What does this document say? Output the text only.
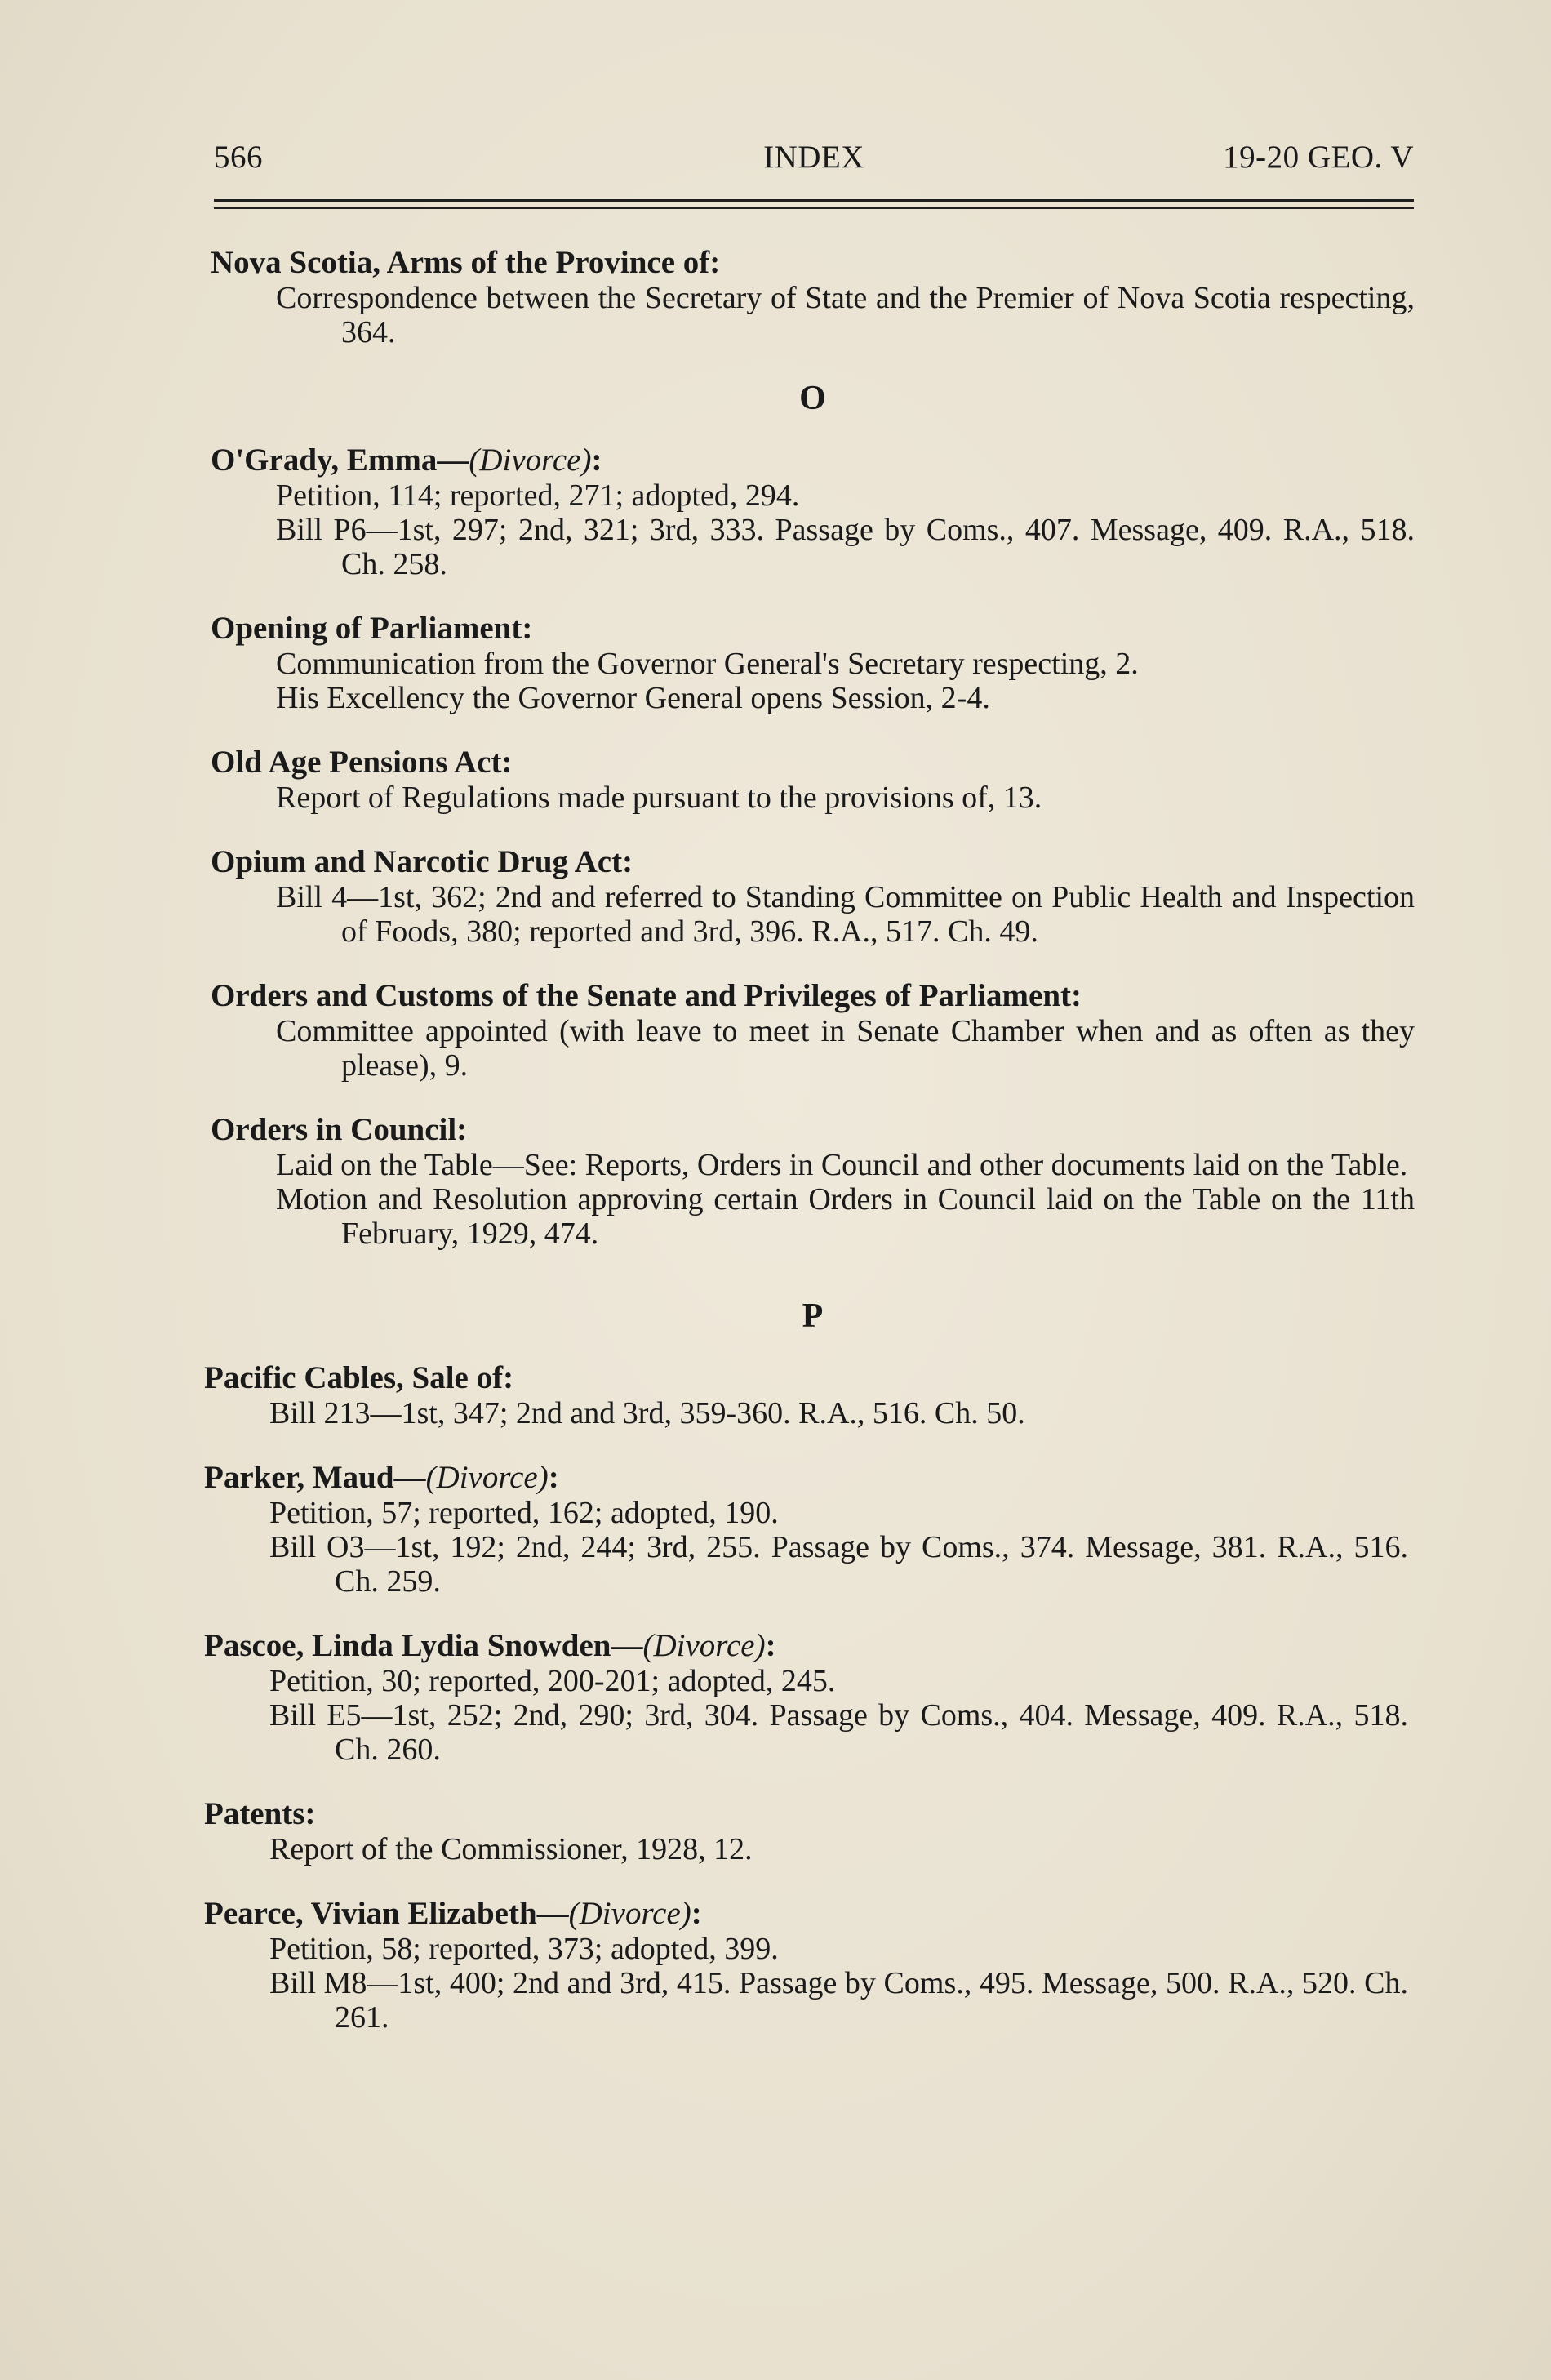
566	INDEX	19-20 GEO. V
Nova Scotia, Arms of the Province of:
Correspondence between the Secretary of State and the Premier of Nova Scotia respecting, 364.
O
O'Grady, Emma—(Divorce):
Petition, 114; reported, 271; adopted, 294.
Bill P6—1st, 297; 2nd, 321; 3rd, 333. Passage by Coms., 407. Message, 409. R.A., 518. Ch. 258.
Opening of Parliament:
Communication from the Governor General's Secretary respecting, 2.
His Excellency the Governor General opens Session, 2-4.
Old Age Pensions Act:
Report of Regulations made pursuant to the provisions of, 13.
Opium and Narcotic Drug Act:
Bill 4—1st, 362; 2nd and referred to Standing Committee on Public Health and Inspection of Foods, 380; reported and 3rd, 396. R.A., 517. Ch. 49.
Orders and Customs of the Senate and Privileges of Parliament:
Committee appointed (with leave to meet in Senate Chamber when and as often as they please), 9.
Orders in Council:
Laid on the Table—See: Reports, Orders in Council and other documents laid on the Table.
Motion and Resolution approving certain Orders in Council laid on the Table on the 11th February, 1929, 474.
P
Pacific Cables, Sale of:
Bill 213—1st, 347; 2nd and 3rd, 359-360. R.A., 516. Ch. 50.
Parker, Maud—(Divorce):
Petition, 57; reported, 162; adopted, 190.
Bill O3—1st, 192; 2nd, 244; 3rd, 255. Passage by Coms., 374. Message, 381. R.A., 516. Ch. 259.
Pascoe, Linda Lydia Snowden—(Divorce):
Petition, 30; reported, 200-201; adopted, 245.
Bill E5—1st, 252; 2nd, 290; 3rd, 304. Passage by Coms., 404. Message, 409. R.A., 518. Ch. 260.
Patents:
Report of the Commissioner, 1928, 12.
Pearce, Vivian Elizabeth—(Divorce):
Petition, 58; reported, 373; adopted, 399.
Bill M8—1st, 400; 2nd and 3rd, 415. Passage by Coms., 495. Message, 500. R.A., 520. Ch. 261.
